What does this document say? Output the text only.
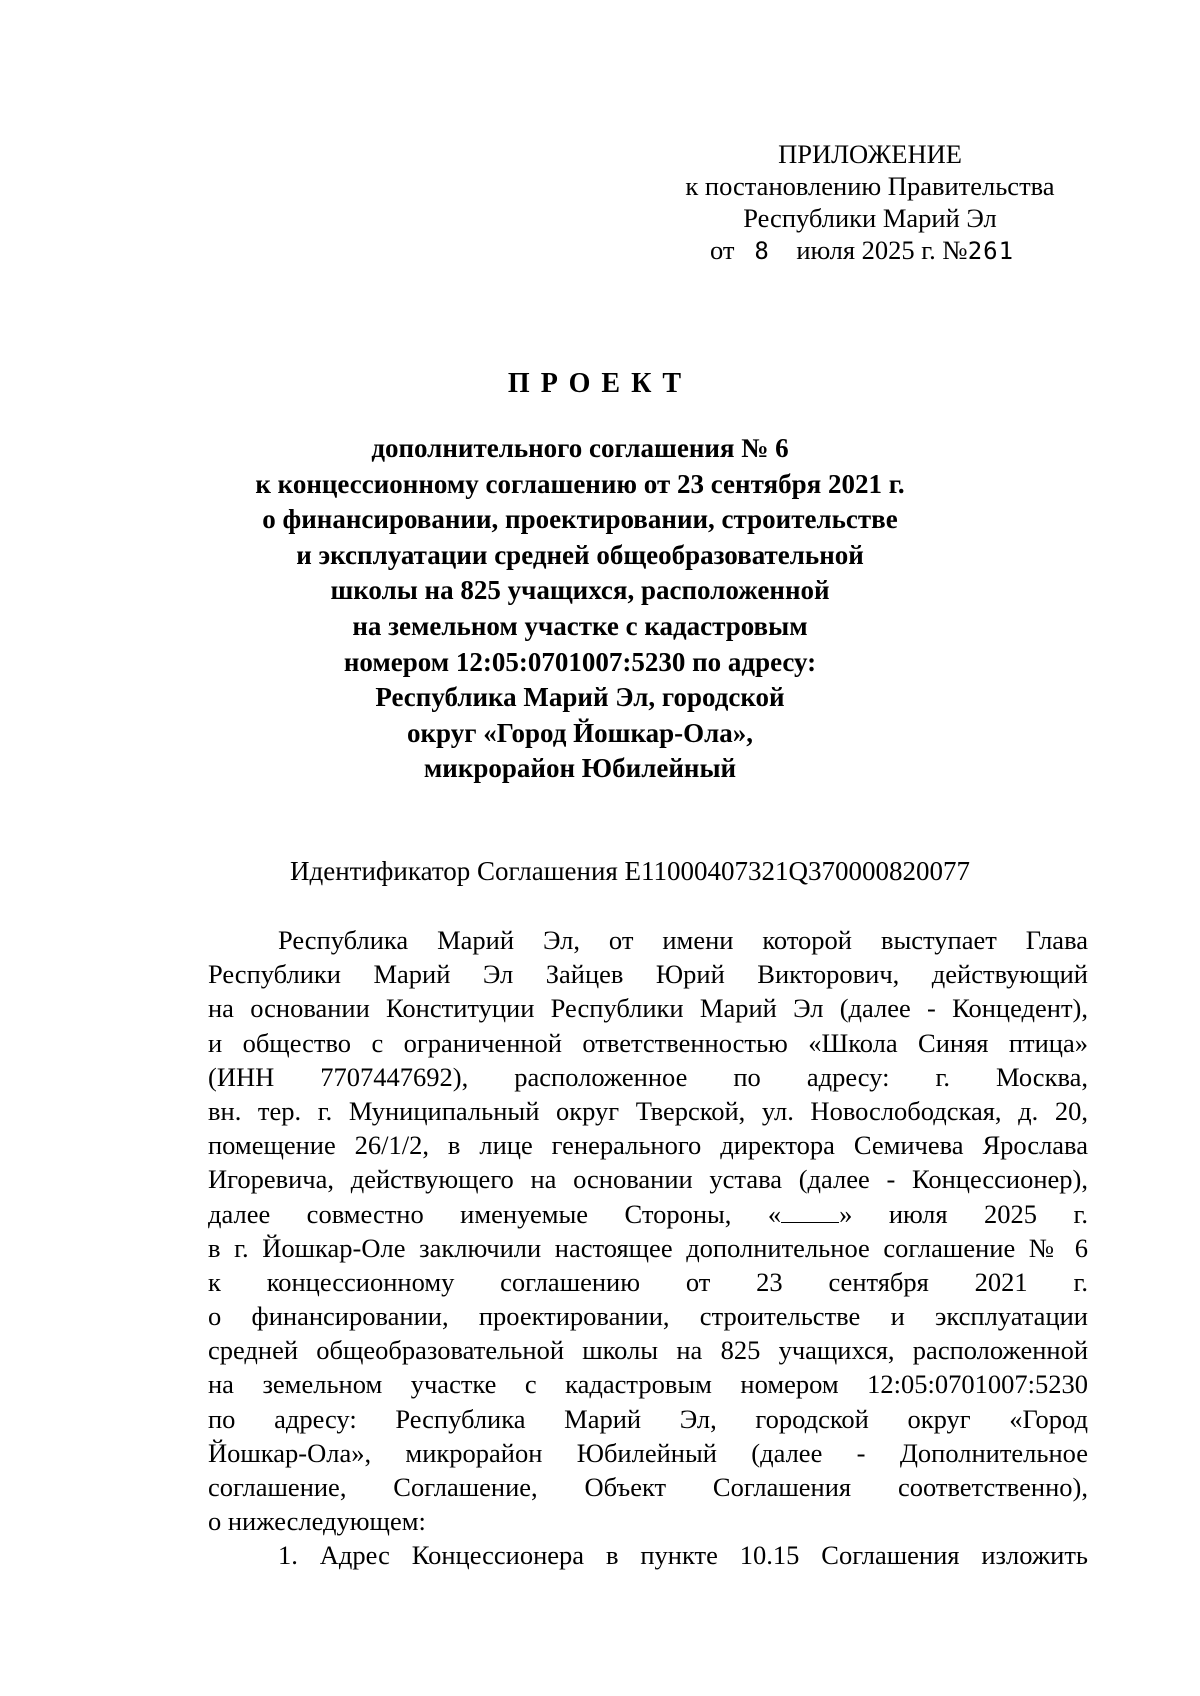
ПРИЛОЖЕНИЕ
к постановлению Правительства
Республики Марий Эл
от 8 июля 2025 г. №261
ПРОЕКТ
дополнительного соглашения № 6
к концессионному соглашению от 23 сентября 2021 г.
о финансировании, проектировании, строительстве
и эксплуатации средней общеобразовательной
школы на 825 учащихся, расположенной
на земельном участке с кадастровым
номером 12:05:0701007:5230 по адресу:
Республика Марий Эл, городской
округ «Город Йошкар-Ола»,
микрорайон Юбилейный
Идентификатор Соглашения E11000407321Q370000820077
Республика Марий Эл, от имени которой выступает Глава
Республики Марий Эл Зайцев Юрий Викторович, действующий
на основании Конституции Республики Марий Эл (далее - Концедент),
и общество с ограниченной ответственностью «Школа Синяя птица»
(ИНН 7707447692), расположенное по адресу: г. Москва,
вн. тер. г. Муниципальный округ Тверской, ул. Новослободская, д. 20,
помещение 26/1/2, в лице генерального директора Семичева Ярослава
Игоревича, действующего на основании устава (далее - Концессионер),
далее совместно именуемые Стороны, « » июля 2025 г.
в г. Йошкар-Оле заключили настоящее дополнительное соглашение № 6
к концессионному соглашению от 23 сентября 2021 г.
о финансировании, проектировании, строительстве и эксплуатации
средней общеобразовательной школы на 825 учащихся, расположенной
на земельном участке с кадастровым номером 12:05:0701007:5230
по адресу: Республика Марий Эл, городской округ «Город
Йошкар-Ола», микрорайон Юбилейный (далее - Дополнительное
соглашение, Соглашение, Объект Соглашения соответственно),
о нижеследующем:
1. Адрес Концессионера в пункте 10.15 Соглашения изложить
